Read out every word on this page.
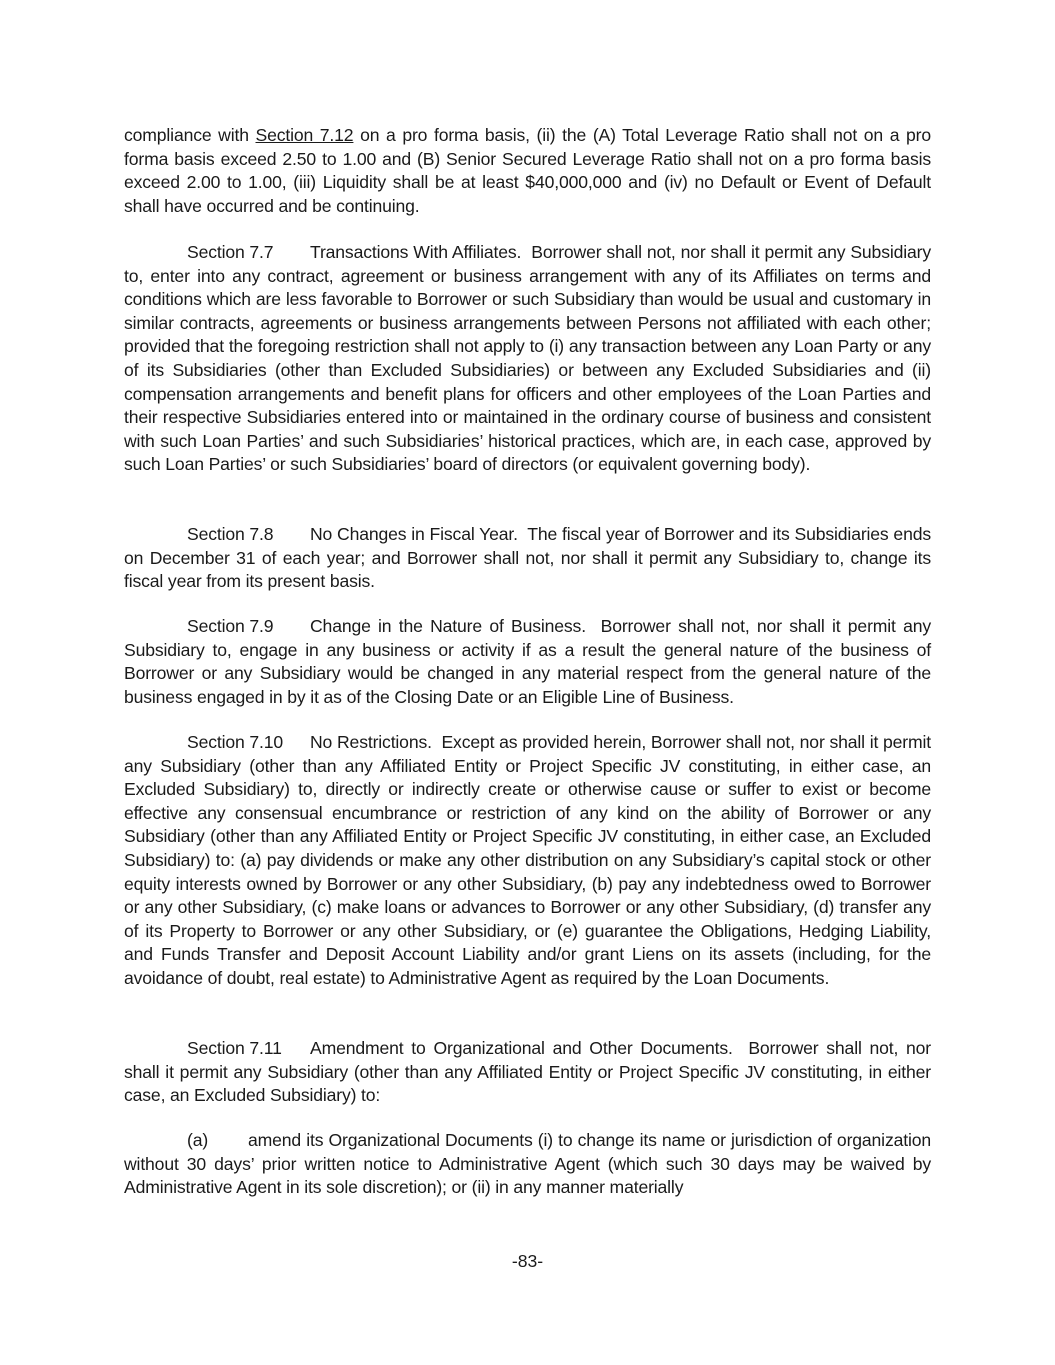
compliance with Section 7.12 on a pro forma basis, (ii) the (A) Total Leverage Ratio shall not on a pro forma basis exceed 2.50 to 1.00 and (B) Senior Secured Leverage Ratio shall not on a pro forma basis exceed 2.00 to 1.00, (iii) Liquidity shall be at least $40,000,000 and (iv) no Default or Event of Default shall have occurred and be continuing.

Section 7.7 Transactions With Affiliates. Borrower shall not, nor shall it permit any Subsidiary to, enter into any contract, agreement or business arrangement with any of its Affiliates on terms and conditions which are less favorable to Borrower or such Subsidiary than would be usual and customary in similar contracts, agreements or business arrangements between Persons not affiliated with each other; provided that the foregoing restriction shall not apply to (i) any transaction between any Loan Party or any of its Subsidiaries (other than Excluded Subsidiaries) or between any Excluded Subsidiaries and (ii) compensation arrangements and benefit plans for officers and other employees of the Loan Parties and their respective Subsidiaries entered into or maintained in the ordinary course of business and consistent with such Loan Parties’ and such Subsidiaries’ historical practices, which are, in each case, approved by such Loan Parties’ or such Subsidiaries’ board of directors (or equivalent governing body).

Section 7.8 No Changes in Fiscal Year. The fiscal year of Borrower and its Subsidiaries ends on December 31 of each year; and Borrower shall not, nor shall it permit any Subsidiary to, change its fiscal year from its present basis.

Section 7.9 Change in the Nature of Business. Borrower shall not, nor shall it permit any Subsidiary to, engage in any business or activity if as a result the general nature of the business of Borrower or any Subsidiary would be changed in any material respect from the general nature of the business engaged in by it as of the Closing Date or an Eligible Line of Business.

Section 7.10 No Restrictions. Except as provided herein, Borrower shall not, nor shall it permit any Subsidiary (other than any Affiliated Entity or Project Specific JV constituting, in either case, an Excluded Subsidiary) to, directly or indirectly create or otherwise cause or suffer to exist or become effective any consensual encumbrance or restriction of any kind on the ability of Borrower or any Subsidiary (other than any Affiliated Entity or Project Specific JV constituting, in either case, an Excluded Subsidiary) to: (a) pay dividends or make any other distribution on any Subsidiary’s capital stock or other equity interests owned by Borrower or any other Subsidiary, (b) pay any indebtedness owed to Borrower or any other Subsidiary, (c) make loans or advances to Borrower or any other Subsidiary, (d) transfer any of its Property to Borrower or any other Subsidiary, or (e) guarantee the Obligations, Hedging Liability, and Funds Transfer and Deposit Account Liability and/or grant Liens on its assets (including, for the avoidance of doubt, real estate) to Administrative Agent as required by the Loan Documents.

Section 7.11 Amendment to Organizational and Other Documents. Borrower shall not, nor shall it permit any Subsidiary (other than any Affiliated Entity or Project Specific JV constituting, in either case, an Excluded Subsidiary) to:

(a) amend its Organizational Documents (i) to change its name or jurisdiction of organization without 30 days’ prior written notice to Administrative Agent (which such 30 days may be waived by Administrative Agent in its sole discretion); or (ii) in any manner materially

-83-
